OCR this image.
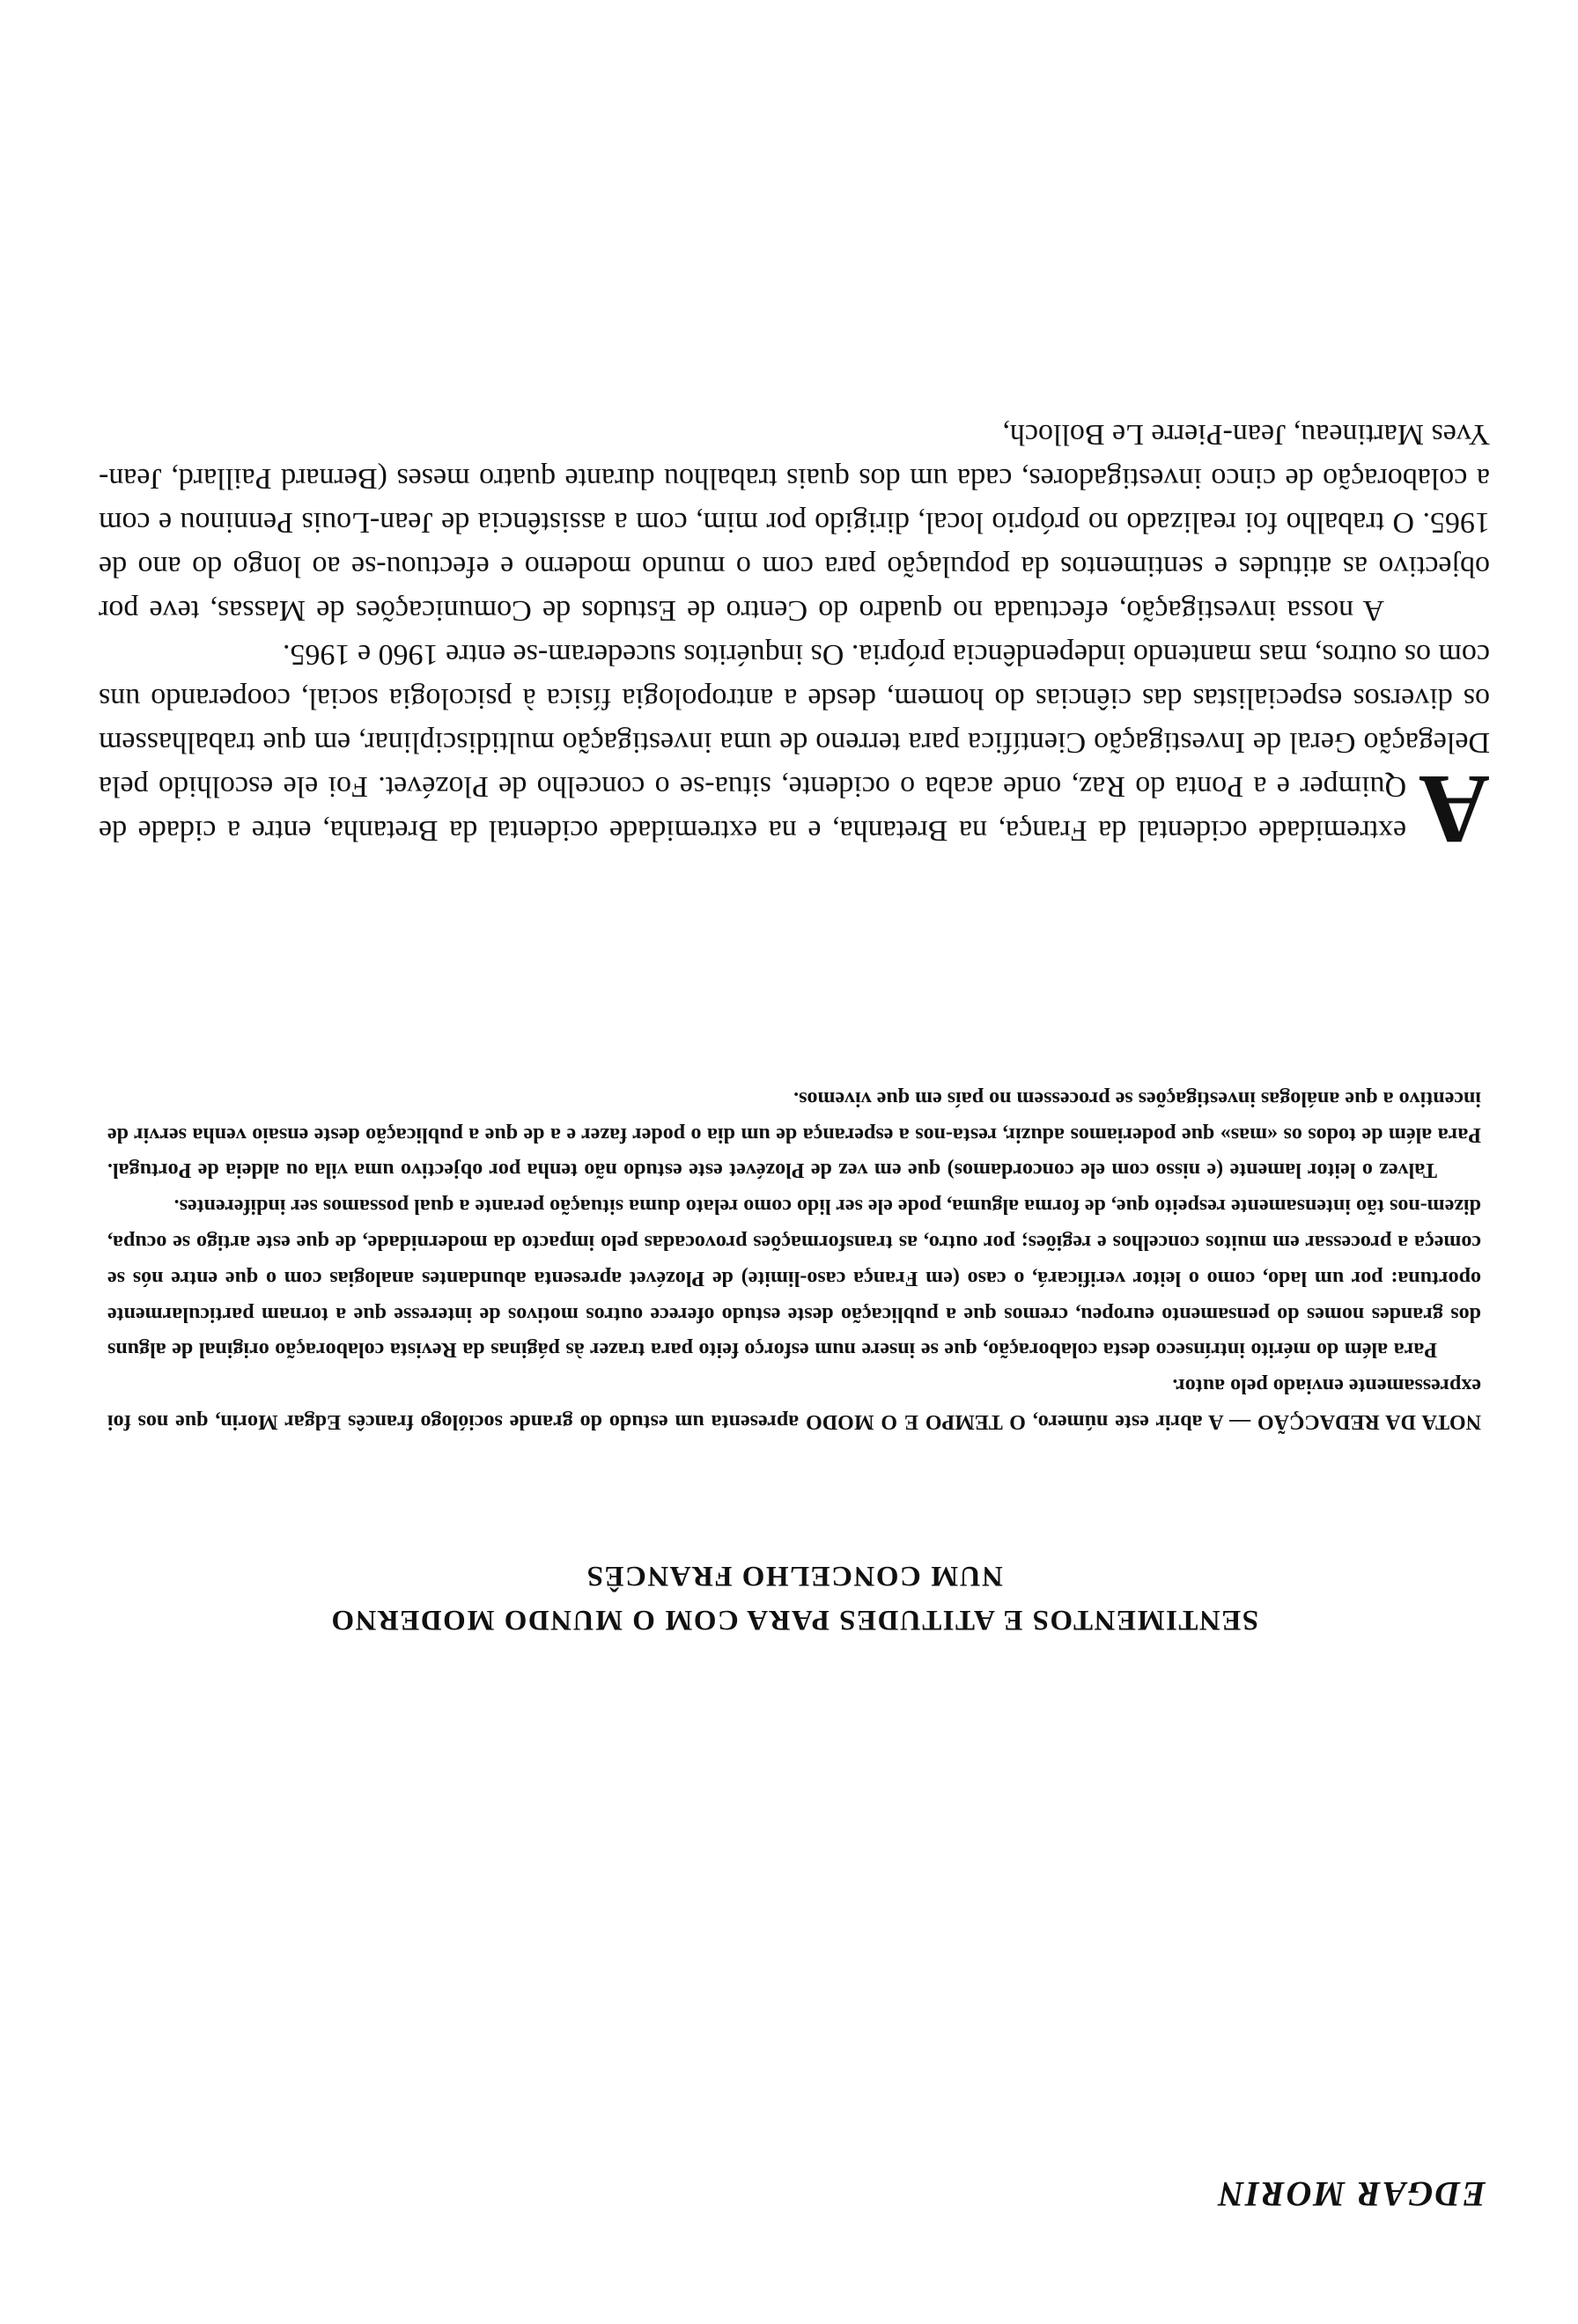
EDGAR MORIN
SENTIMENTOS E ATITUDES PARA COM O MUNDO MODERNO
NUM CONCELHO FRANCÊS

NOTA DA REDACÇÃO — A abrir este número, O TEMPO E O MODO apresenta um estudo do grande sociólogo francês Edgar Morin, que nos foi expressamente enviado pelo autor.

Para além do mérito intrínseco desta colaboração, que se insere num esforço feito para trazer às páginas da Revista colaboração original de alguns dos grandes nomes do pensamento europeu, cremos que a publicação deste estudo oferece outros motivos de interesse que a tornam particularmente oportuna: por um lado, como o leitor verificará, o caso (em França caso-limite) de Plozévet apresenta abundantes analogias com o que entre nós se começa a processar em muitos concelhos e regiões; por outro, as transformações provocadas pelo impacto da modernidade, de que este artigo se ocupa, dizem-nos tão intensamente respeito que, de forma alguma, pode ele ser lido como relato duma situação perante a qual possamos ser indiferentes.

Talvez o leitor lamente (e nisso com ele concordamos) que em vez de Plozévet este estudo não tenha por objectivo uma vila ou aldeia de Portugal. Para além de todos os «mas» que poderiamos aduzir, resta-nos a esperança de um dia o poder fazer e a de que a publicação deste ensaio venha servir de incentivo a que análogas investigações se processem no país em que vivemos.

Aextremidade ocidental da França, na Bretanha, e na extremidade ocidental da Bretanha, entre a cidade de Quimper e a Ponta do Raz, onde acaba o ocidente, situa-se o concelho de Plozévet. Foi ele escolhido pela Delegação Geral de Investigação Científica para terreno de uma investigação multidisciplinar, em que trabalhassem os diversos especialistas das ciências do homem, desde a antropologia física à psicologia social, cooperando uns com os outros, mas mantendo independência própria. Os inquéritos sucederam-se entre 1960 e 1965.

A nossa investigação, efectuada no quadro do Centro de Estudos de Comunicações de Massas, teve por objectivo as atitudes e sentimentos da população para com o mundo moderno e efectuou-se ao longo do ano de 1965. O trabalho foi realizado no próprio local, dirigido por mim, com a assistência de Jean-Louis Penninou e com a colaboração de cinco investigadores, cada um dos quais trabalhou durante quatro meses (Bernard Paillard, Jean-Yves Martineau, Jean-Pierre Le Bolloch,
